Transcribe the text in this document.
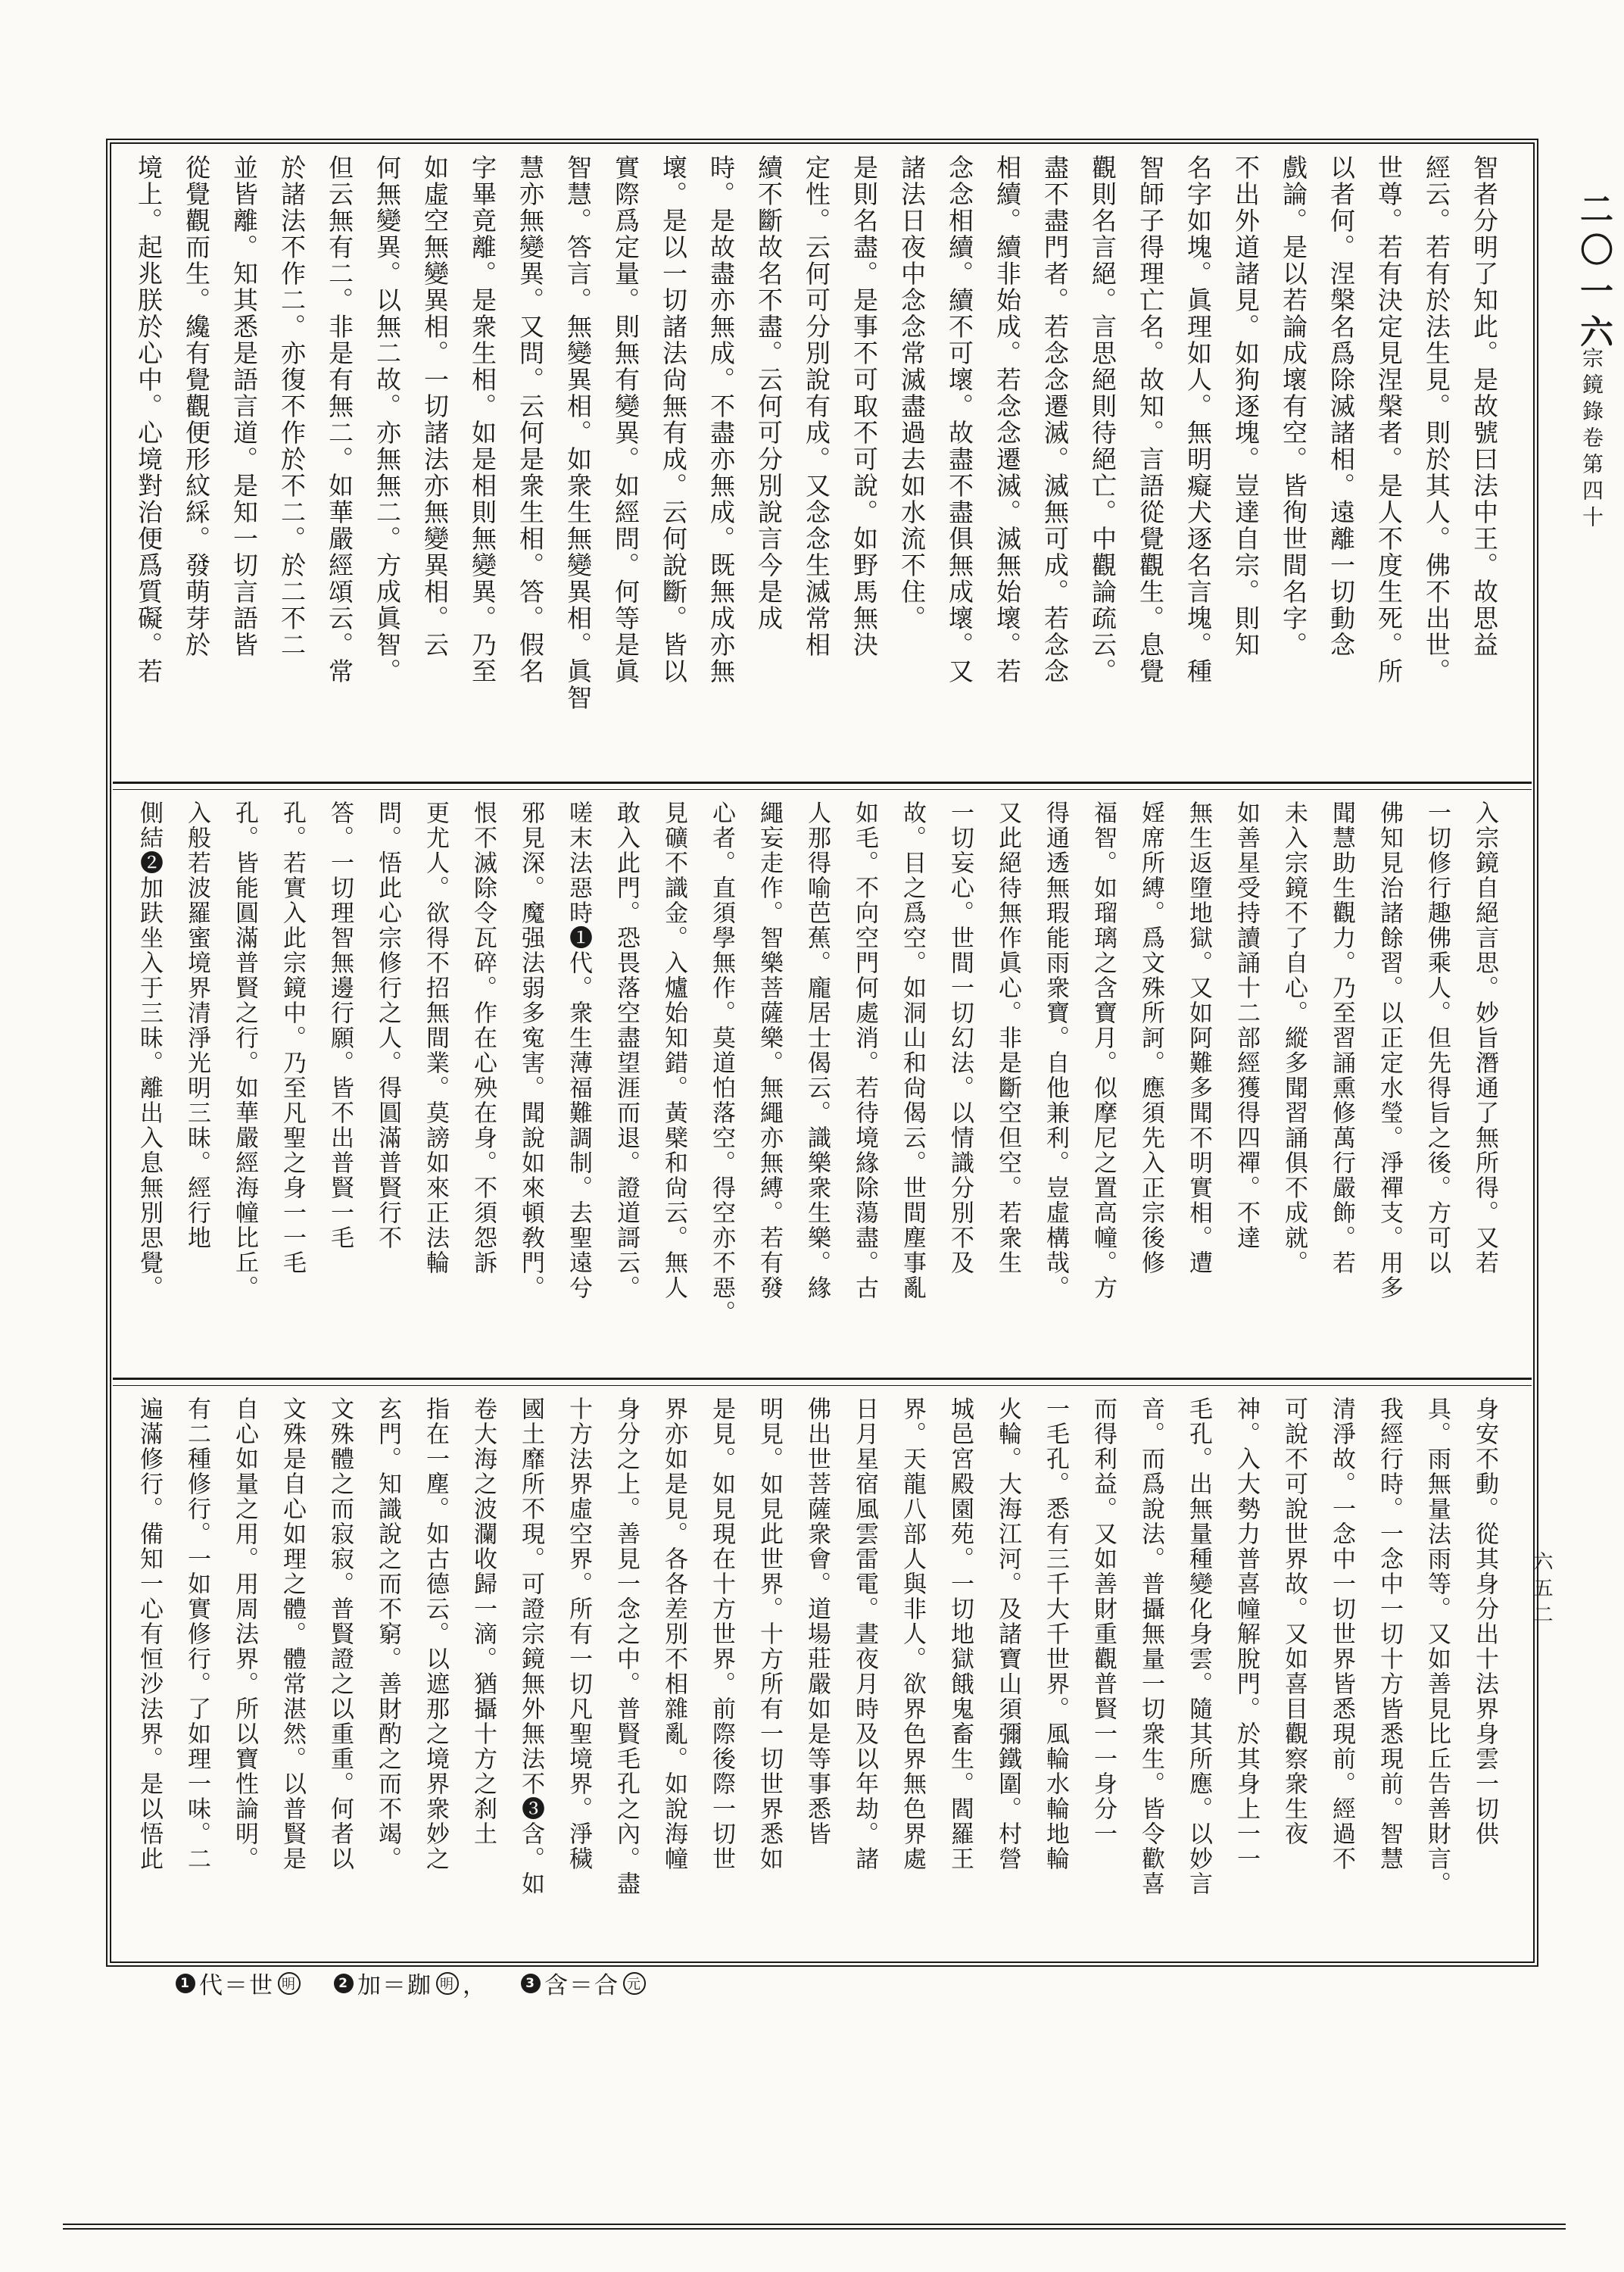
智者分明了知此。是故號曰法中王。故思益

經云。若有於法生見。則於其人。佛不出世。

世尊。若有決定見涅槃者。是人不度生死。所

以者何。涅槃名爲除滅諸相。遠離一切動念

戲論。是以若論成壞有空。皆徇世間名字。

不出外道諸見。如狗逐塊。豈達自宗。則知

名字如塊。眞理如人。無明癡犬逐名言塊。種

智師子得理亡名。故知。言語從覺觀生。息覺

觀則名言絕。言思絕則待絕亡。中觀論疏云。

盡不盡門者。若念念遷滅。滅無可成。若念念

相續。續非始成。若念念遷滅。滅無始壞。若

念念相續。續不可壞。故盡不盡俱無成壞。又

諸法日夜中念念常滅盡過去如水流不住。

是則名盡。是事不可取不可說。如野馬無決

定性。云何可分別說有成。又念念生滅常相

續不斷故名不盡。云何可分別說言今是成

時。是故盡亦無成。不盡亦無成。既無成亦無

壞。是以一切諸法尙無有成。云何說斷。皆以

實際爲定量。則無有變異。如經問。何等是眞

智慧。答言。無變異相。如衆生無變異相。眞智

慧亦無變異。又問。云何是衆生相。答。假名

字畢竟離。是衆生相。如是相則無變異。乃至

如虛空無變異相。一切諸法亦無變異相。云

何無變異。以無二故。亦無無二。方成眞智。

但云無有二。非是有無二。如華嚴經頌云。常

於諸法不作二。亦復不作於不二。於二不二

並皆離。知其悉是語言道。是知一切言語皆

從覺觀而生。纔有覺觀便形紋綵。發萌芽於

境上。起兆朕於心中。心境對治便爲質礙。若

入宗鏡自絕言思。妙旨潛通了無所得。又若

一切修行趣佛乘人。但先得旨之後。方可以

佛知見治諸餘習。以正定水瑩。淨禪支。用多

聞慧助生觀力。乃至習誦熏修萬行嚴飾。若

未入宗鏡不了自心。縱多聞習誦俱不成就。

如善星受持讀誦十二部經獲得四禪。不達

無生返墮地獄。又如阿難多聞不明實相。遭

婬席所縛。爲文殊所訶。應須先入正宗後修

福智。如瑠璃之含寶月。似摩尼之置高幢。方

得通透無瑕能雨衆寶。自他兼利。豈虛構哉。

又此絕待無作眞心。非是斷空但空。若衆生

一切妄心。世間一切幻法。以情識分別不及

故。目之爲空。如洞山和尙偈云。世間塵事亂

如毛。不向空門何處消。若待境緣除蕩盡。古

人那得喻芭蕉。龐居士偈云。識樂衆生樂。緣

繩妄走作。智樂菩薩樂。無繩亦無縛。若有發

心者。直須學無作。莫道怕落空。得空亦不惡。

見礦不識金。入爐始知錯。黃檗和尙云。無人

敢入此門。恐畏落空盡望涯而退。證道謌云。

嗟末法惡時❶代。衆生薄福難調制。去聖遠兮

邪見深。魔强法弱多寃害。聞說如來頓敎門。

恨不滅除令瓦碎。作在心殃在身。不須怨訴

更尤人。欲得不招無間業。莫謗如來正法輪

問。悟此心宗修行之人。得圓滿普賢行不

答。一切理智無邊行願。皆不出普賢一毛

孔。若實入此宗鏡中。乃至凡聖之身一一毛

孔。皆能圓滿普賢之行。如華嚴經海幢比丘。

入般若波羅蜜境界清淨光明三昧。經行地

側結❷加趺坐入于三昧。離出入息無別思覺。

身安不動。從其身分出十法界身雲一切供

具。雨無量法雨等。又如善見比丘告善財言。

我經行時。一念中一切十方皆悉現前。智慧

清淨故。一念中一切世界皆悉現前。經過不

可說不可說世界故。又如喜目觀察衆生夜

神。入大勢力普喜幢解脫門。於其身上一一

毛孔。出無量種變化身雲。隨其所應。以妙言

音。而爲說法。普攝無量一切衆生。皆令歡喜

而得利益。又如善財重觀普賢一一身分一

一毛孔。悉有三千大千世界。風輪水輪地輪

火輪。大海江河。及諸寶山須彌鐵圍。村營

城邑宮殿園苑。一切地獄餓鬼畜生。閻羅王

界。天龍八部人與非人。欲界色界無色界處

日月星宿風雲雷電。晝夜月時及以年劫。諸

佛出世菩薩衆會。道場莊嚴如是等事悉皆

明見。如見此世界。十方所有一切世界悉如

是見。如見現在十方世界。前際後際一切世

界亦如是見。各各差別不相雜亂。如說海幢

身分之上。善見一念之中。普賢毛孔之內。盡

十方法界虛空界。所有一切凡聖境界。淨穢

國土靡所不現。可證宗鏡無外無法不❸含。如

卷大海之波瀾收歸一滴。猶攝十方之刹土

指在一塵。如古德云。以遮那之境界衆妙之

玄門。知識說之而不窮。善財酌之而不竭。

文殊體之而寂寂。普賢證之以重重。何者以

文殊是自心如理之體。體常湛然。以普賢是

自心如量之用。用周法界。所以寶性論明。

有二種修行。一如實修行。了如理一味。二

遍滿修行。備知一心有恒沙法界。是以悟此

二〇一六
宗鏡錄卷第四十
六五二
1 代＝世 明	2 加＝跏 明 ，	3 含＝合 元
